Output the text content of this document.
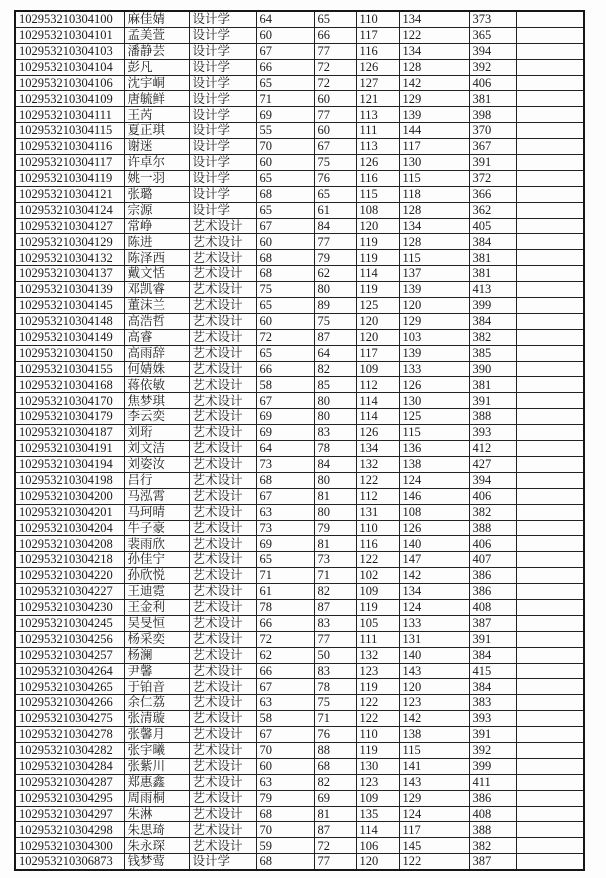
102953210304100	麻佳婧	设计学	64	65	110	134	373	
102953210304101	孟美萱	设计学	60	66	117	122	365	
102953210304103	潘静芸	设计学	67	77	116	134	394	
102953210304104	彭凡	设计学	66	72	126	128	392	
102953210304106	沈宇峒	设计学	65	72	127	142	406	
102953210304109	唐毓鲜	设计学	71	60	121	129	381	
102953210304111	王芮	设计学	69	77	113	139	398	
102953210304115	夏正琪	设计学	55	60	111	144	370	
102953210304116	谢迷	设计学	70	67	113	117	367	
102953210304117	许卓尔	设计学	60	75	126	130	391	
102953210304119	姚一羽	设计学	65	76	116	115	372	
102953210304121	张璐	设计学	68	65	115	118	366	
102953210304124	宗源	设计学	65	61	108	128	362	
102953210304127	常峥	艺术设计	67	84	120	134	405	
102953210304129	陈进	艺术设计	60	77	119	128	384	
102953210304132	陈泽西	艺术设计	68	79	119	115	381	
102953210304137	戴文恬	艺术设计	68	62	114	137	381	
102953210304139	邓凯睿	艺术设计	75	80	119	139	413	
102953210304145	董沫兰	艺术设计	65	89	125	120	399	
102953210304148	高浩哲	艺术设计	60	75	120	129	384	
102953210304149	高睿	艺术设计	72	87	120	103	382	
102953210304150	高雨辞	艺术设计	65	64	117	139	385	
102953210304155	何婧姝	艺术设计	66	82	109	133	390	
102953210304168	蒋依敏	艺术设计	58	85	112	126	381	
102953210304170	焦梦琪	艺术设计	67	80	114	130	391	
102953210304179	李云奕	艺术设计	69	80	114	125	388	
102953210304187	刘珩	艺术设计	69	83	126	115	393	
102953210304191	刘文洁	艺术设计	64	78	134	136	412	
102953210304194	刘姿汝	艺术设计	73	84	132	138	427	
102953210304198	吕行	艺术设计	68	80	122	124	394	
102953210304200	马泓霄	艺术设计	67	81	112	146	406	
102953210304201	马珂晴	艺术设计	63	80	131	108	382	
102953210304204	牛子豪	艺术设计	73	79	110	126	388	
102953210304208	裴雨欣	艺术设计	69	81	116	140	406	
102953210304218	孙佳宁	艺术设计	65	73	122	147	407	
102953210304220	孙欣悦	艺术设计	71	71	102	142	386	
102953210304227	王迪霓	艺术设计	61	82	109	134	386	
102953210304230	王金利	艺术设计	78	87	119	124	408	
102953210304245	吴旻恒	艺术设计	66	83	105	133	387	
102953210304256	杨采奕	艺术设计	72	77	111	131	391	
102953210304257	杨澜	艺术设计	62	50	132	140	384	
102953210304264	尹馨	艺术设计	66	83	123	143	415	
102953210304265	于铂音	艺术设计	67	78	119	120	384	
102953210304266	余仁荔	艺术设计	63	75	122	123	383	
102953210304275	张清璇	艺术设计	58	71	122	142	393	
102953210304278	张馨月	艺术设计	67	76	110	138	391	
102953210304282	张宇曦	艺术设计	70	88	119	115	392	
102953210304284	张紫川	艺术设计	60	68	130	141	399	
102953210304287	郑惠鑫	艺术设计	63	82	123	143	411	
102953210304295	周雨桐	艺术设计	79	69	109	129	386	
102953210304297	朱淋	艺术设计	68	81	135	124	408	
102953210304298	朱思琦	艺术设计	70	87	114	117	388	
102953210304300	朱永琛	艺术设计	59	72	106	145	382	
102953210306873	钱梦莺	设计学	68	77	120	122	387	
